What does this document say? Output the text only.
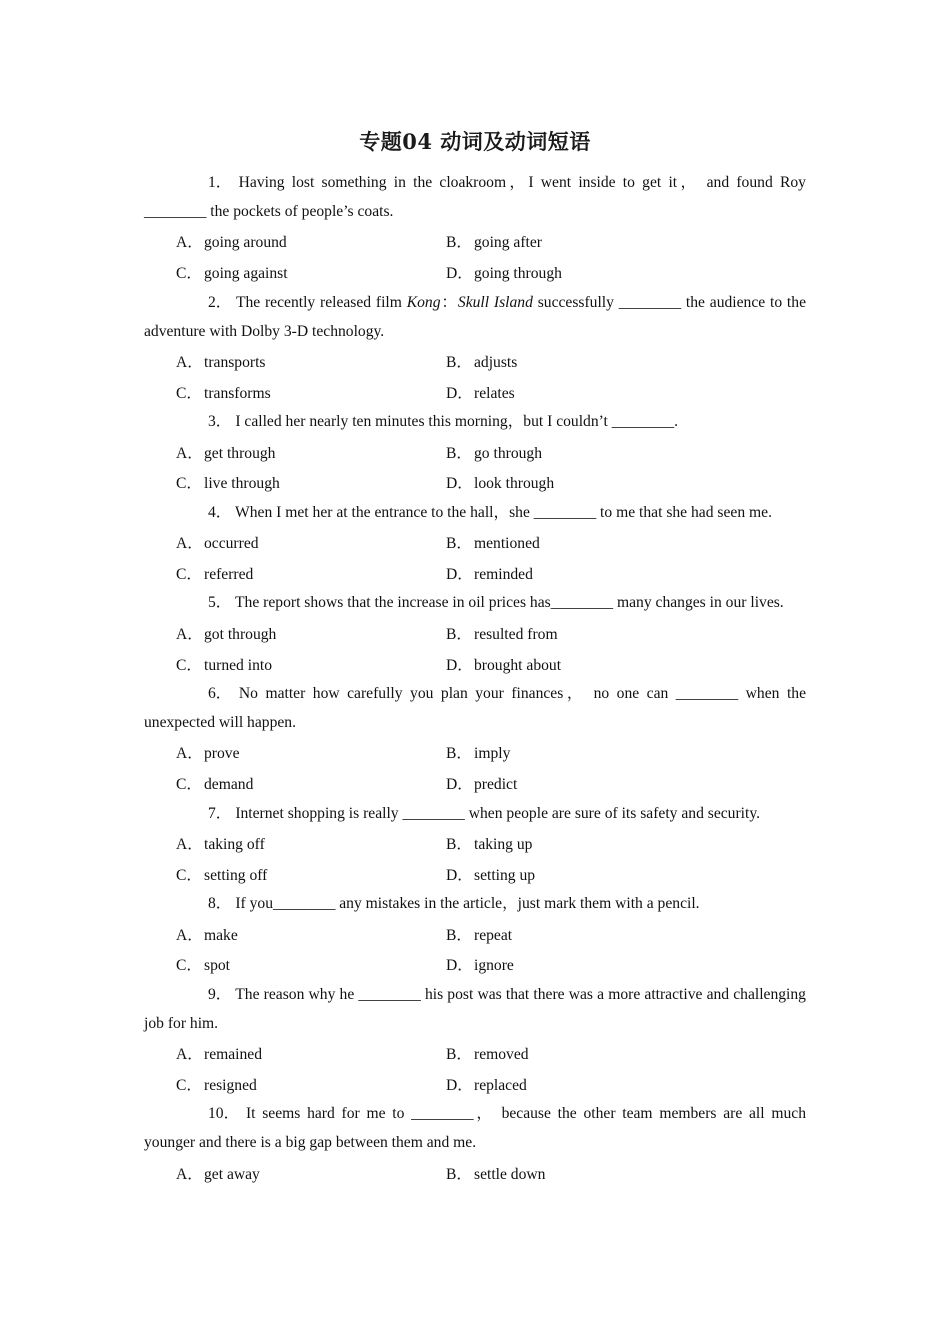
专题04 动词及动词短语

1． Having lost something in the cloakroom，I went inside to get it， and found Roy ________ the pockets of people’s coats.

A．going around	B． going after
C． going against	D．going through

2． The recently released film Kong：Skull Island successfully ________ the audience to the adventure with Dolby 3-D technology.

A．transports	B． adjusts
C． transforms	D．relates

3． I called her nearly ten minutes this morning，but I couldn’t ________.

A．get through	B． go through
C． live through	D．look through

4． When I met her at the entrance to the hall，she ________ to me that she had seen me.

A．occurred	B． mentioned
C． referred	D．reminded

5． The report shows that the increase in oil prices has________ many changes in our lives.

A．got through	B． resulted from
C． turned into	D．brought about

6． No matter how carefully you plan your finances， no one can ________ when the unexpected will happen.

A．prove	B． imply
C． demand	D．predict

7． Internet shopping is really ________ when people are sure of its safety and security.

A．taking off	B． taking up
C． setting off	D．setting up

8． If you________ any mistakes in the article，just mark them with a pencil.

A．make	B． repeat
C． spot	D．ignore

9． The reason why he ________ his post was that there was a more attractive and challenging job for him.

A．remained	B． removed
C． resigned	D．replaced

10． It seems hard for me to ________， because the other team members are all much younger and there is a big gap between them and me.

A．get away	B． settle down
